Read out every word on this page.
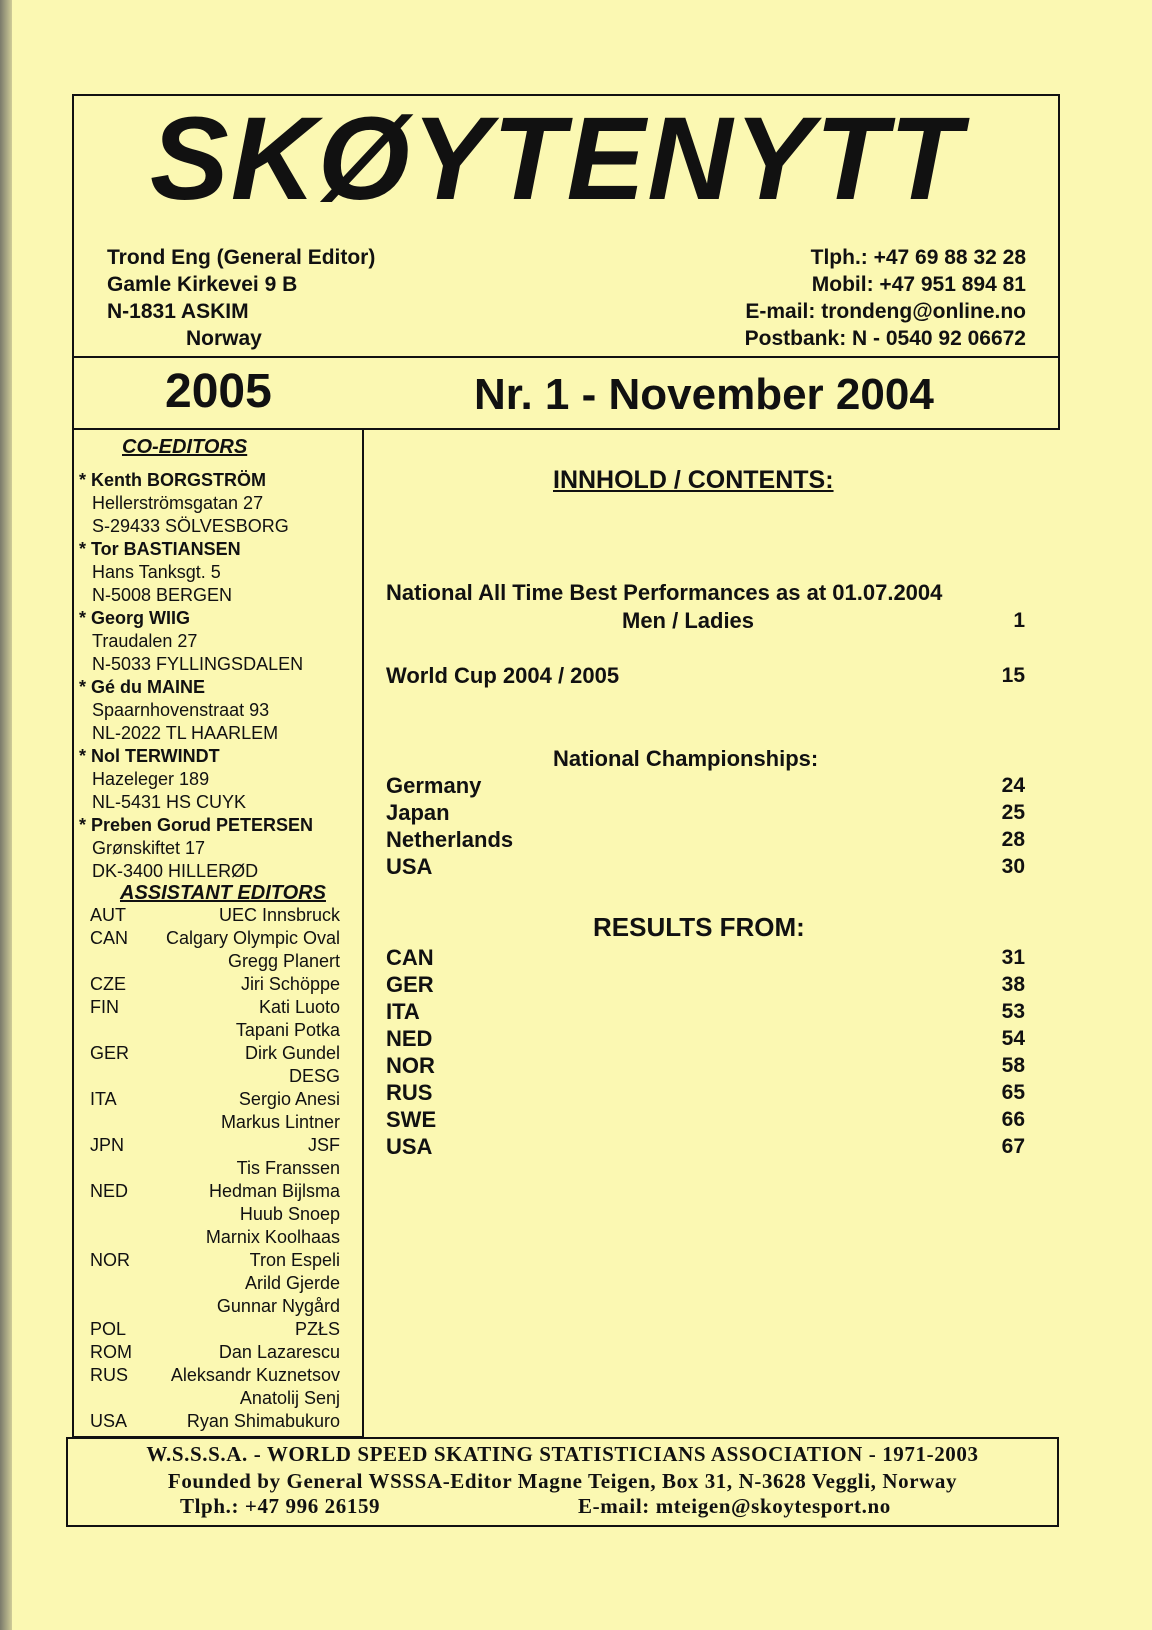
SKØYTENYTT
Trond Eng (General Editor)
Gamle Kirkevei 9 B
N-1831 ASKIM
Norway
Tlph.: +47 69 88 32 28
Mobil: +47 951 894 81
E-mail: trondeng@online.no
Postbank: N - 0540 92 06672
2005	Nr. 1 - November 2004
CO-EDITORS
* Kenth BORGSTRÖM
Hellerströmsgatan 27
S-29433 SÖLVESBORG
* Tor BASTIANSEN
Hans Tanksgt. 5
N-5008 BERGEN
* Georg WIIG
Traudalen 27
N-5033 FYLLINGSDALEN
* Gé du MAINE
Spaarnhovenstraat 93
NL-2022 TL HAARLEM
* Nol TERWINDT
Hazeleger 189
NL-5431 HS CUYK
* Preben Gorud PETERSEN
Grønskiftet 17
DK-3400 HILLERØD
ASSISTANT EDITORS
AUT	UEC Innsbruck
CAN	Calgary Olympic Oval
Gregg Planert
CZE	Jiri Schöppe
FIN	Kati Luoto
Tapani Potka
GER	Dirk Gundel
DESG
ITA	Sergio Anesi
Markus Lintner
JPN	JSF
Tis Franssen
NED	Hedman Bijlsma
Huub Snoep
Marnix Koolhaas
NOR	Tron Espeli
Arild Gjerde
Gunnar Nygård
POL	PZŁS
ROM	Dan Lazarescu
RUS	Aleksandr Kuznetsov
Anatolij Senj
USA	Ryan Shimabukuro
INNHOLD / CONTENTS:
National All Time Best Performances as at 01.07.2004
Men / Ladies	1
World Cup 2004 / 2005	15
National Championships:
Germany	24
Japan	25
Netherlands	28
USA	30
RESULTS FROM:
CAN	31
GER	38
ITA	53
NED	54
NOR	58
RUS	65
SWE	66
USA	67
W.S.S.S.A. - WORLD SPEED SKATING STATISTICIANS ASSOCIATION - 1971-2003
Founded by General WSSSA-Editor Magne Teigen, Box 31, N-3628 Veggli, Norway
Tlph.: +47 996 26159	E-mail: mteigen@skoytesport.no
